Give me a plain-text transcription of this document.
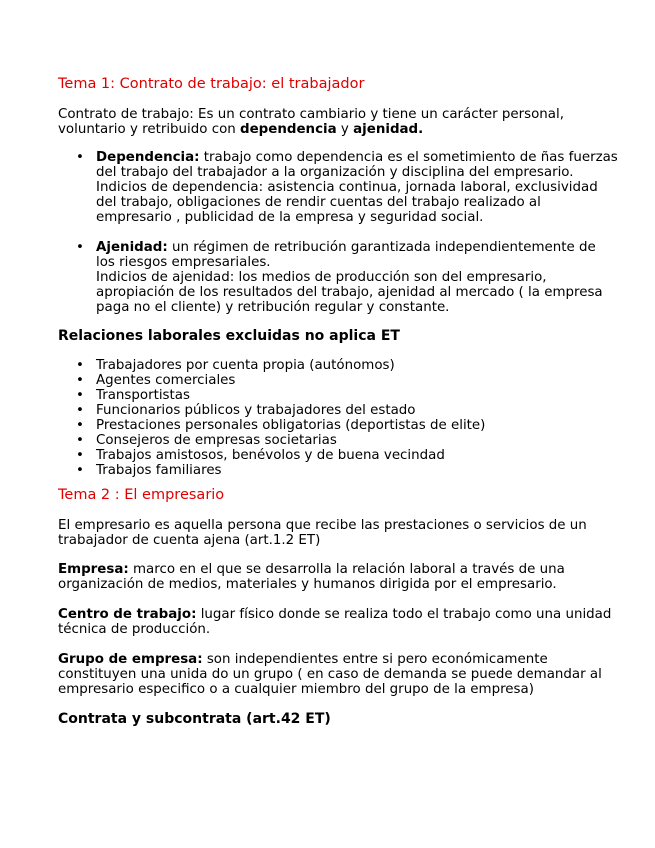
Tema 1: Contrato de trabajo: el trabajador
Contrato de trabajo: Es un contrato cambiario y tiene un carácter personal,
voluntario y retribuido con dependencia y ajenidad.
• Dependencia: trabajo como dependencia es el sometimiento de ñas fuerzas
del trabajo del trabajador a la organización y disciplina del empresario.
Indicios de dependencia: asistencia continua, jornada laboral, exclusividad
del trabajo, obligaciones de rendir cuentas del trabajo realizado al
empresario , publicidad de la empresa y seguridad social.
• Ajenidad: un régimen de retribución garantizada independientemente de
los riesgos empresariales.
Indicios de ajenidad: los medios de producción son del empresario,
apropiación de los resultados del trabajo, ajenidad al mercado ( la empresa
paga no el cliente) y retribución regular y constante.
Relaciones laborales excluidas no aplica ET
• Trabajadores por cuenta propia (autónomos)
• Agentes comerciales
• Transportistas
• Funcionarios públicos y trabajadores del estado
• Prestaciones personales obligatorias (deportistas de elite)
• Consejeros de empresas societarias
• Trabajos amistosos, benévolos y de buena vecindad
• Trabajos familiares
Tema 2 : El empresario
El empresario es aquella persona que recibe las prestaciones o servicios de un
trabajador de cuenta ajena (art.1.2 ET)
Empresa: marco en el que se desarrolla la relación laboral a través de una
organización de medios, materiales y humanos dirigida por el empresario.
Centro de trabajo: lugar físico donde se realiza todo el trabajo como una unidad
técnica de producción.
Grupo de empresa: son independientes entre si pero económicamente
constituyen una unida do un grupo ( en caso de demanda se puede demandar al
empresario especifico o a cualquier miembro del grupo de la empresa)
Contrata y subcontrata (art.42 ET)
